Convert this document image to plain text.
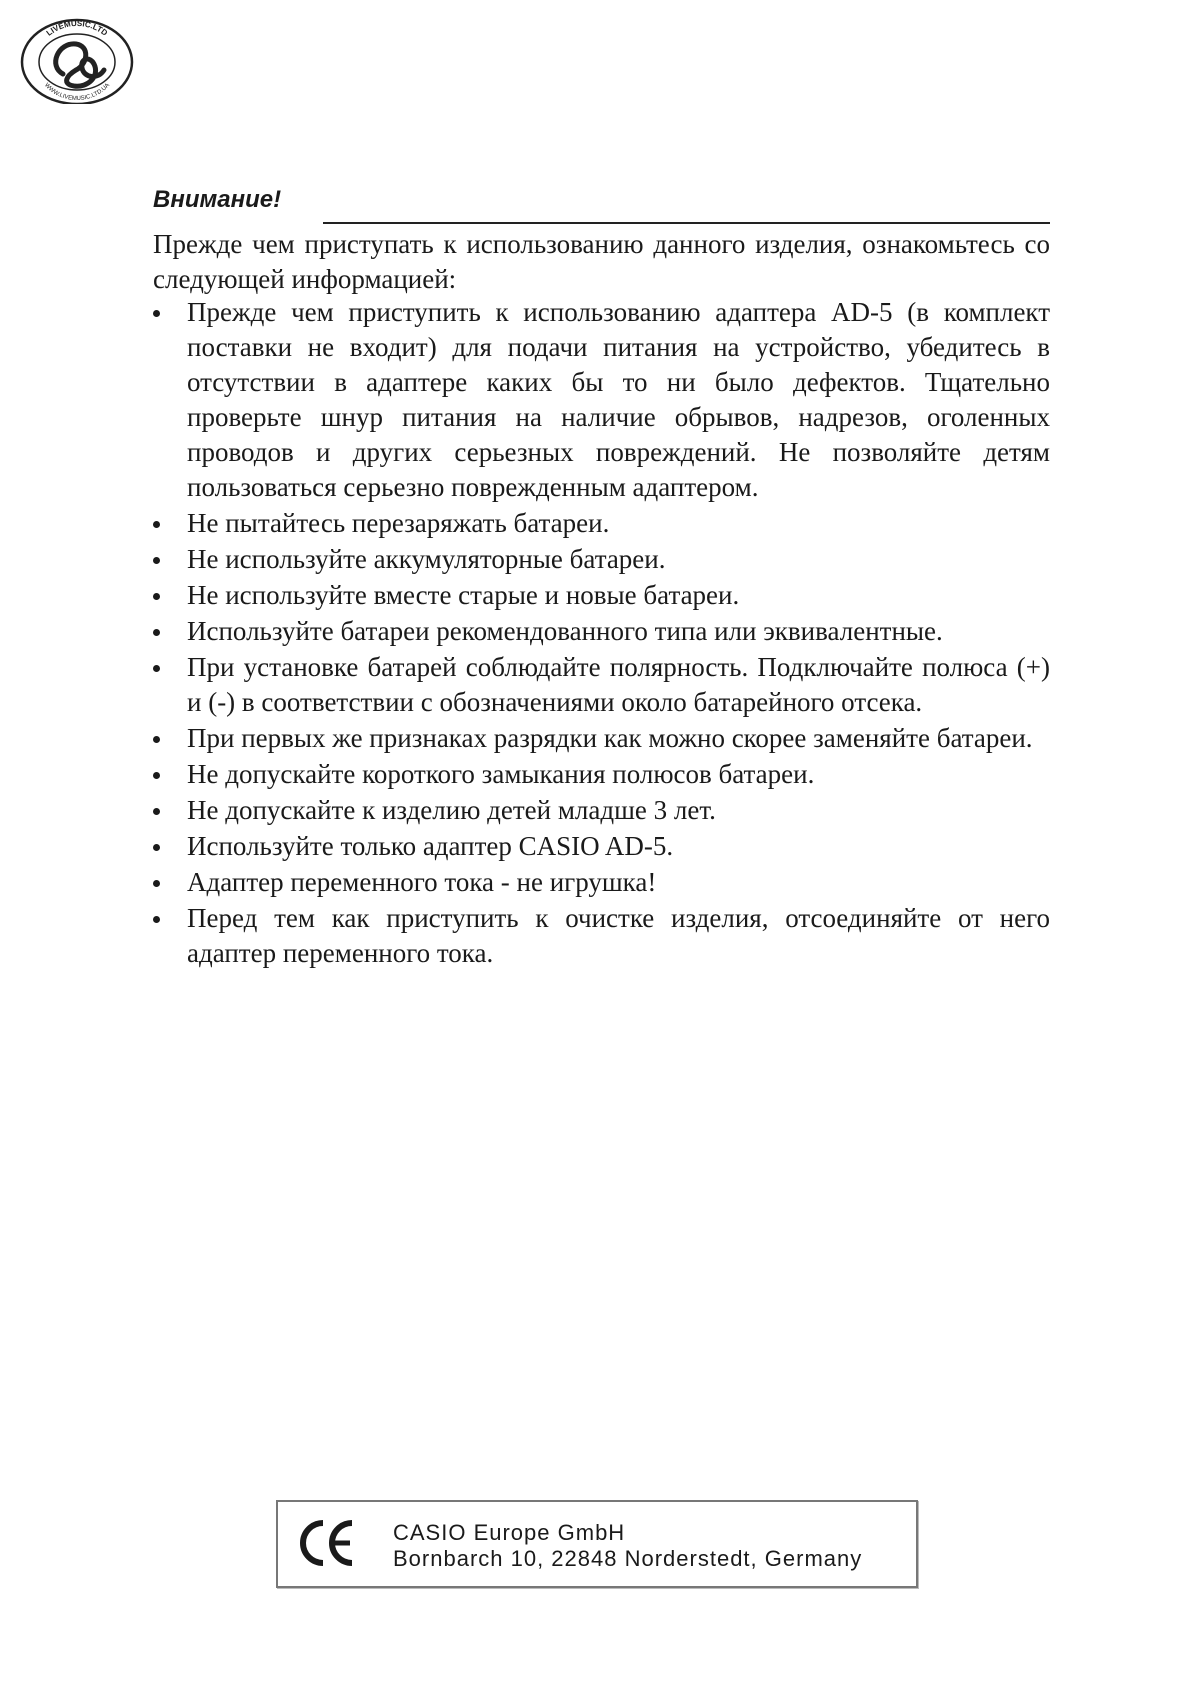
LIVEMUSIC.LTD
WWW.LIVEMUSIC.LTD.UA
Внимание!

Прежде чем приступать к использованию данного изделия, ознакомьтесь со следующей информацией:

Прежде чем приступить к использованию адаптера AD-5 (в комплект поставки не входит) для подачи питания на устройство, убедитесь в отсутствии в адаптере каких бы то ни было дефектов. Тщательно проверьте шнур питания на наличие обрывов, надрезов, оголенных проводов и других серьезных повреждений. Не позволяйте детям пользоваться серьезно поврежденным адаптером.
Не пытайтесь перезаряжать батареи.
Не используйте аккумуляторные батареи.
Не используйте вместе старые и новые батареи.
Используйте батареи рекомендованного типа или эквивалентные.
При установке батарей соблюдайте полярность. Подключайте полюса (+) и (-) в соответствии с обозначениями около батарейного отсека.
При первых же признаках разрядки как можно скорее заменяйте батареи.
Не допускайте короткого замыкания полюсов батареи.
Не допускайте к изделию детей младше 3 лет.
Используйте только адаптер CASIO AD-5.
Адаптер переменного тока - не игрушка!
Перед тем как приступить к очистке изделия, отсоединяйте от него адаптер переменного тока.
CASIO Europe GmbH
Bornbarch 10, 22848 Norderstedt, Germany
